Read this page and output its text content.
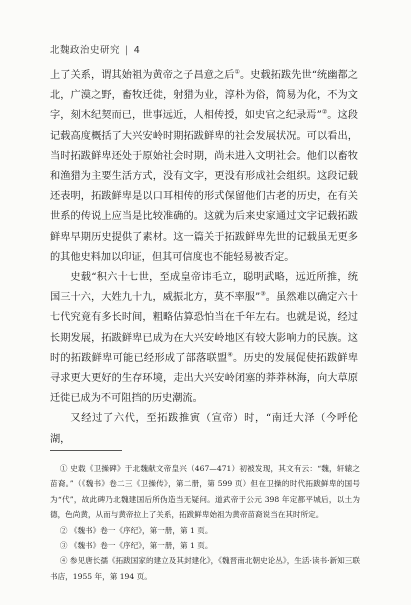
北魏政治史研究 | 4

上了关系，谓其始祖为黄帝之子昌意之后①。史载拓跋先世“统幽都之北，广漠之野，畜牧迁徙，射猎为业，淳朴为俗，简易为化，不为文字，刻木纪契而已，世事远近，人相传授，如史官之纪录焉”②。这段记载高度概括了大兴安岭时期拓跋鲜卑的社会发展状况。可以看出，当时拓跋鲜卑还处于原始社会时期，尚未进入文明社会。他们以畜牧和渔猎为主要生活方式，没有文字，更没有形成社会组织。这段记载还表明，拓跋鲜卑是以口耳相传的形式保留他们古老的历史，在有关世系的传说上应当是比较准确的。这就为后来史家通过文字记载拓跋鲜卑早期历史提供了素材。这一篇关于拓跋鲜卑先世的记载虽无更多的其他史料加以印证，但其可信度也不能轻易被否定。

史载“积六十七世，至成皇帝讳毛立，聪明武略，远近所推，统国三十六，大姓九十九，威振北方，莫不率服”③。虽然难以确定六十七代究竟有多长时间，粗略估算恐怕当在千年左右。也就是说，经过长期发展，拓跋鲜卑已成为在大兴安岭地区有较大影响力的民族。这时的拓跋鲜卑可能已经形成了部落联盟④。历史的发展促使拓跋鲜卑寻求更大更好的生存环境，走出大兴安岭闭塞的莽莽林海，向大草原迁徙已成为不可阻挡的历史潮流。

又经过了六代，至拓跋推寅（宣帝）时，“南迁大泽（今呼伦湖，

① 史载《卫操碑》于北魏献文帝皇兴（467—471）初被发现，其文有云：“魏，轩辕之苗裔。”（《魏书》卷二三《卫操传》，第二册，第 599 页）但在卫操的时代拓跋鲜卑的国号为“代”，故此碑乃北魏建国后所伪造当无疑问。道武帝于公元 398 年定都平城后，以土为德，色尚黄，从而与黄帝拉上了关系，拓跋鲜卑始祖为黄帝苗裔说当在其时所定。

② 《魏书》卷一《序纪》，第一册，第 1 页。

③ 《魏书》卷一《序纪》，第一册，第 1 页。

④ 参见唐长孺《拓跋国家的建立及其封建化》，《魏晋南北朝史论丛》，生活·读书·新知三联书店，1955 年，第 194 页。
